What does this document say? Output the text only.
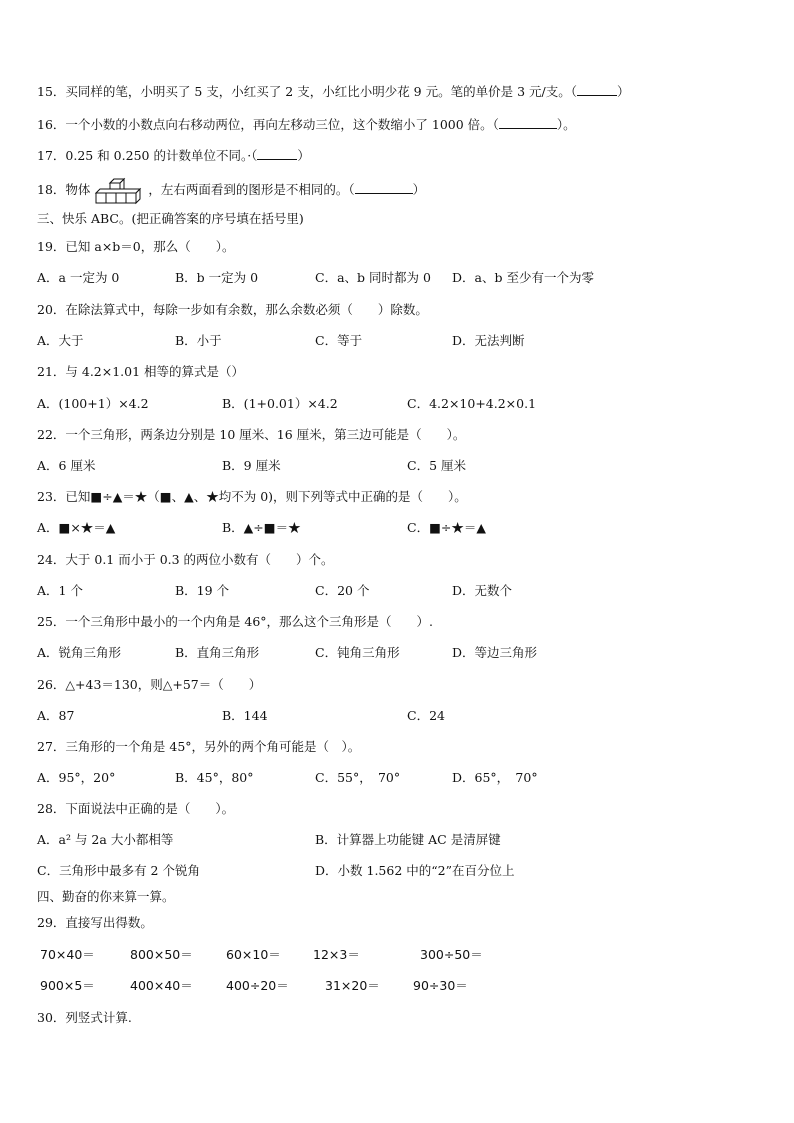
15．买同样的笔，小明买了 5 支，小红买了 2 支，小红比小明少花 9 元。笔的单价是 3 元/支。（	）
16．一个小数的小数点向右移动两位，再向左移动三位，这个数缩小了 1000 倍。（	）。
17．0.25 和 0.250 的计数单位不同。·（	）
18．物体	，左右两面看到的图形是不相同的。（	）
三、快乐 ABC。(把正确答案的序号填在括号里)
19．已知 a×b＝0，那么（　　）。
A．a 一定为 0	B．b 一定为 0	C．a、b 同时都为 0 D．a、b 至少有一个为零
20．在除法算式中，每除一步如有余数，那么余数必须（　　）除数。
A．大于	B．小于	C．等于	D．无法判断
21．与 4.2×1.01 相等的算式是（）
A．(100+1）×4.2	B．(1+0.01）×4.2	C．4.2×10+4.2×0.1
22．一个三角形，两条边分别是 10 厘米、16 厘米，第三边可能是（　　）。
A．6 厘米	B．9 厘米	C．5 厘米
23．已知■÷▲＝★（■、▲、★均不为 0)，则下列等式中正确的是（　　）。
A．■×★＝▲	B．▲÷■＝★	C．■÷★＝▲
24．大于 0.1 而小于 0.3 的两位小数有（　　）个。
A．1 个	B．19 个	C．20 个	D．无数个
25．一个三角形中最小的一个内角是 46°，那么这个三角形是（　　）.
A．锐角三角形	B．直角三角形	C．钝角三角形	D．等边三角形
26．△+43＝130，则△+57＝（　　）
A．87	B．144	C．24
27．三角形的一个角是 45°，另外的两个角可能是（　）。
A．95°，20°	B．45°，80°	C．55°，　70°	D．65°，　70°
28．下面说法中正确的是（　　）。
A．a² 与 2a 大小都相等	B．计算器上功能键 AC 是清屏键
C．三角形中最多有 2 个锐角	D．小数 1.562 中的“2”在百分位上
四、勤奋的你来算一算。
29．直接写出得数。
70×40＝	800×50＝	60×10＝	12×3＝	300÷50＝
900×5＝	400×40＝	400÷20＝	31×20＝	90÷30＝
30．列竖式计算.
